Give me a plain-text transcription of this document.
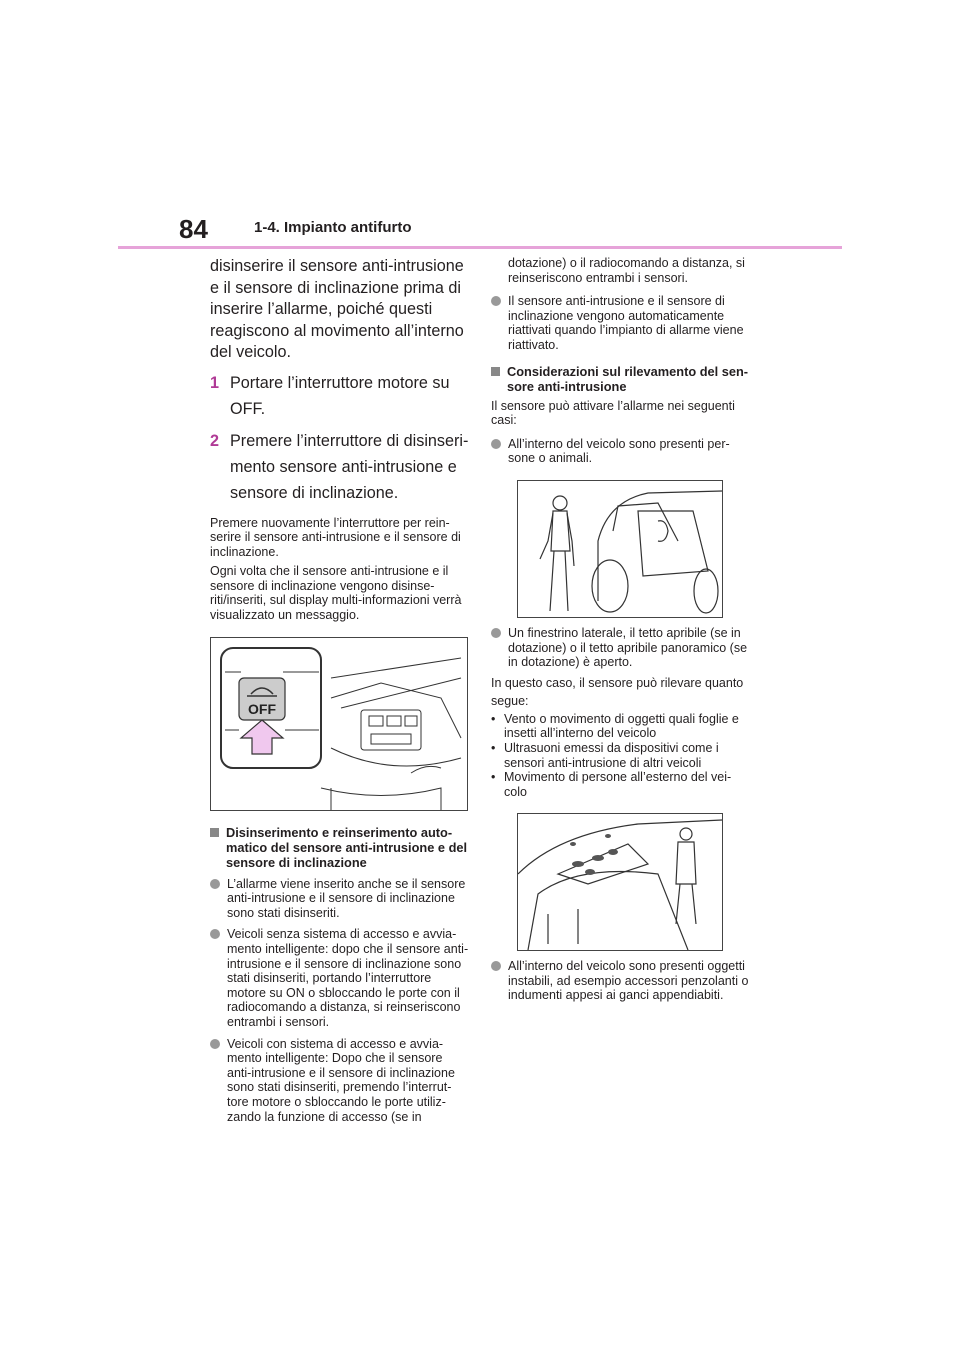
84	1-4. Impianto antifurto

disinserire il sensore anti-intrusione e il sensore di inclinazione prima di inserire l’allarme, poiché questi reagiscono al movimento all’interno del veicolo.

1 Portare l’interruttore motore su OFF.
2 Premere l’interruttore di disinseri- mento sensore anti-intrusione e sensore di inclinazione.

Premere nuovamente l’interruttore per rein- serire il sensore anti-intrusione e il sensore di inclinazione.

Ogni volta che il sensore anti-intrusione e il sensore di inclinazione vengono disinse- riti/inseriti, sul display multi-informazioni verrà visualizzato un messaggio.

OFF
Disinserimento e reinserimento auto- matico del sensore anti-intrusione e del sensore di inclinazione
L’allarme viene inserito anche se il sensore anti-intrusione e il sensore di inclinazione sono stati disinseriti.
Veicoli senza sistema di accesso e avvia- mento intelligente: dopo che il sensore anti-intrusione e il sensore di inclinazione sono stati disinseriti, portando l’interruttore motore su ON o sbloccando le porte con il radiocomando a distanza, si reinseriscono entrambi i sensori.
Veicoli con sistema di accesso e avvia- mento intelligente: Dopo che il sensore anti-intrusione e il sensore di inclinazione sono stati disinseriti, premendo l’interrut- tore motore o sbloccando le porte utiliz- zando la funzione di accesso (se in

dotazione) o il radiocomando a distanza, si reinseriscono entrambi i sensori.

Il sensore anti-intrusione e il sensore di inclinazione vengono automaticamente riattivati quando l’impianto di allarme viene riattivato.
Considerazioni sul rilevamento del sen- sore anti-intrusione

Il sensore può attivare l’allarme nei seguenti casi:

All’interno del veicolo sono presenti per- sone o animali.
Un finestrino laterale, il tetto apribile (se in dotazione) o il tetto apribile panoramico (se in dotazione) è aperto.

In questo caso, il sensore può rilevare quanto

segue:

• Vento o movimento di oggetti quali foglie e insetti all’interno del veicolo
• Ultrasuoni emessi da dispositivi come i sensori anti-intrusione di altri veicoli
• Movimento di persone all’esterno del vei- colo
All’interno del veicolo sono presenti oggetti instabili, ad esempio accessori penzolanti o indumenti appesi ai ganci appendiabiti.
